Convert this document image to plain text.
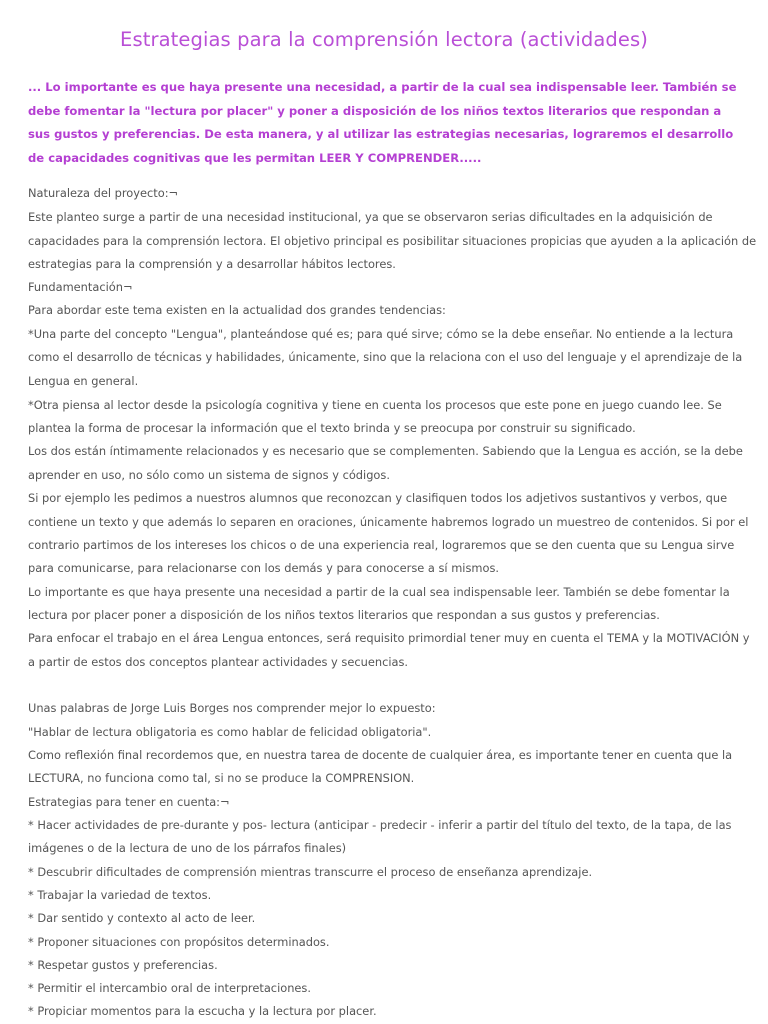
Estrategias para la comprensión lectora (actividades)

... Lo importante es que haya presente una necesidad, a partir de la cual sea indispensable leer. También se debe fomentar la "lectura por placer" y poner a disposición de los niños textos literarios que respondan a sus gustos y preferencias. De esta manera, y al utilizar las estrategias necesarias, lograremos el desarrollo de capacidades cognitivas que les permitan LEER Y COMPRENDER.....

Naturaleza del proyecto:¬
Este planteo surge a partir de una necesidad institucional, ya que se observaron serias dificultades en la adquisición de
capacidades para la comprensión lectora. El objetivo principal es posibilitar situaciones propicias que ayuden a la aplicación de
estrategias para la comprensión y a desarrollar hábitos lectores.
Fundamentación¬
Para abordar este tema existen en la actualidad dos grandes tendencias:
*Una parte del concepto "Lengua", planteándose qué es; para qué sirve; cómo se la debe enseñar. No entiende a la lectura
como el desarrollo de técnicas y habilidades, únicamente, sino que la relaciona con el uso del lenguaje y el aprendizaje de la
Lengua en general.
*Otra piensa al lector desde la psicología cognitiva y tiene en cuenta los procesos que este pone en juego cuando lee. Se
plantea la forma de procesar la información que el texto brinda y se preocupa por construir su significado.
Los dos están íntimamente relacionados y es necesario que se complementen. Sabiendo que la Lengua es acción, se la debe
aprender en uso, no sólo como un sistema de signos y códigos.
Si por ejemplo les pedimos a nuestros alumnos que reconozcan y clasifiquen todos los adjetivos sustantivos y verbos, que
contiene un texto y que además lo separen en oraciones, únicamente habremos logrado un muestreo de contenidos. Si por el
contrario partimos de los intereses los chicos o de una experiencia real, lograremos que se den cuenta que su Lengua sirve
para comunicarse, para relacionarse con los demás y para conocerse a sí mismos.
Lo importante es que haya presente una necesidad a partir de la cual sea indispensable leer. También se debe fomentar la
lectura por placer poner a disposición de los niños textos literarios que respondan a sus gustos y preferencias.
Para enfocar el trabajo en el área Lengua entonces, será requisito primordial tener muy en cuenta el TEMA y la MOTIVACIÓN y
a partir de estos dos conceptos plantear actividades y secuencias.
Unas palabras de Jorge Luis Borges nos comprender mejor lo expuesto:
"Hablar de lectura obligatoria es como hablar de felicidad obligatoria".
Como reflexión final recordemos que, en nuestra tarea de docente de cualquier área, es importante tener en cuenta que la
LECTURA, no funciona como tal, si no se produce la COMPRENSION.
Estrategias para tener en cuenta:¬
* Hacer actividades de pre-durante y pos- lectura (anticipar - predecir - inferir a partir del título del texto, de la tapa, de las
imágenes o de la lectura de uno de los párrafos finales)
* Descubrir dificultades de comprensión mientras transcurre el proceso de enseñanza aprendizaje.
* Trabajar la variedad de textos.
* Dar sentido y contexto al acto de leer.
* Proponer situaciones con propósitos determinados.
* Respetar gustos y preferencias.
* Permitir el intercambio oral de interpretaciones.
* Propiciar momentos para la escucha y la lectura por placer.
